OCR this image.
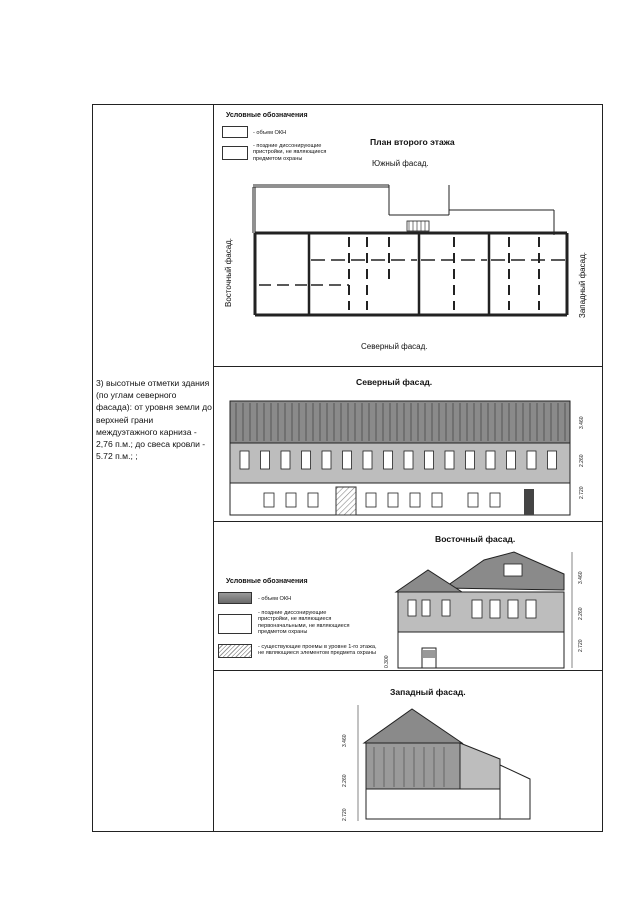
3) высотные отметки здания (по углам северного фасада): от уровня земли до верхней грани междуэтажного карниза - 2,76 п.м.; до свеса кровли - 5.72 п.м.; ;
Условные обозначения
- объем ОКН
- поздние диссонирующие пристройки, не являющиеся предметом охраны
План второго этажа
Южный фасад.
Северный фасад.
Восточный фасад.	Западный фасад.
Северный фасад.
3.460
2.260
2.720
Восточный фасад.
Условные обозначения
- объем ОКН
- поздние диссонирующие пристройки, не являющиеся первоначальными, не являющиеся предметом охраны
- существующие проемы в уровне 1-го этажа, не являющиеся элементом предмета охраны
3.460
2.260
2.720
0.300
Западный фасад.
3.460
2.260
2.720
